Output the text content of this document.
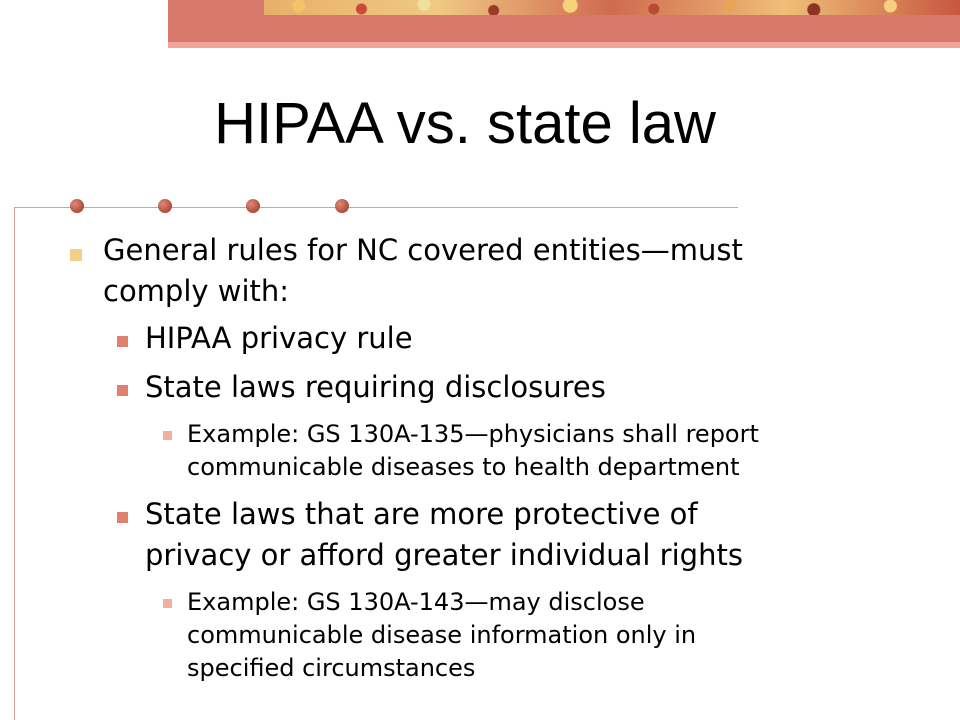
HIPAA vs. state law
General rules for NC covered entities—must
comply with:
HIPAA privacy rule
State laws requiring disclosures
Example: GS 130A-135—physicians shall report
communicable diseases to health department
State laws that are more protective of
privacy or afford greater individual rights
Example: GS 130A-143—may disclose
communicable disease information only in
specified circumstances
